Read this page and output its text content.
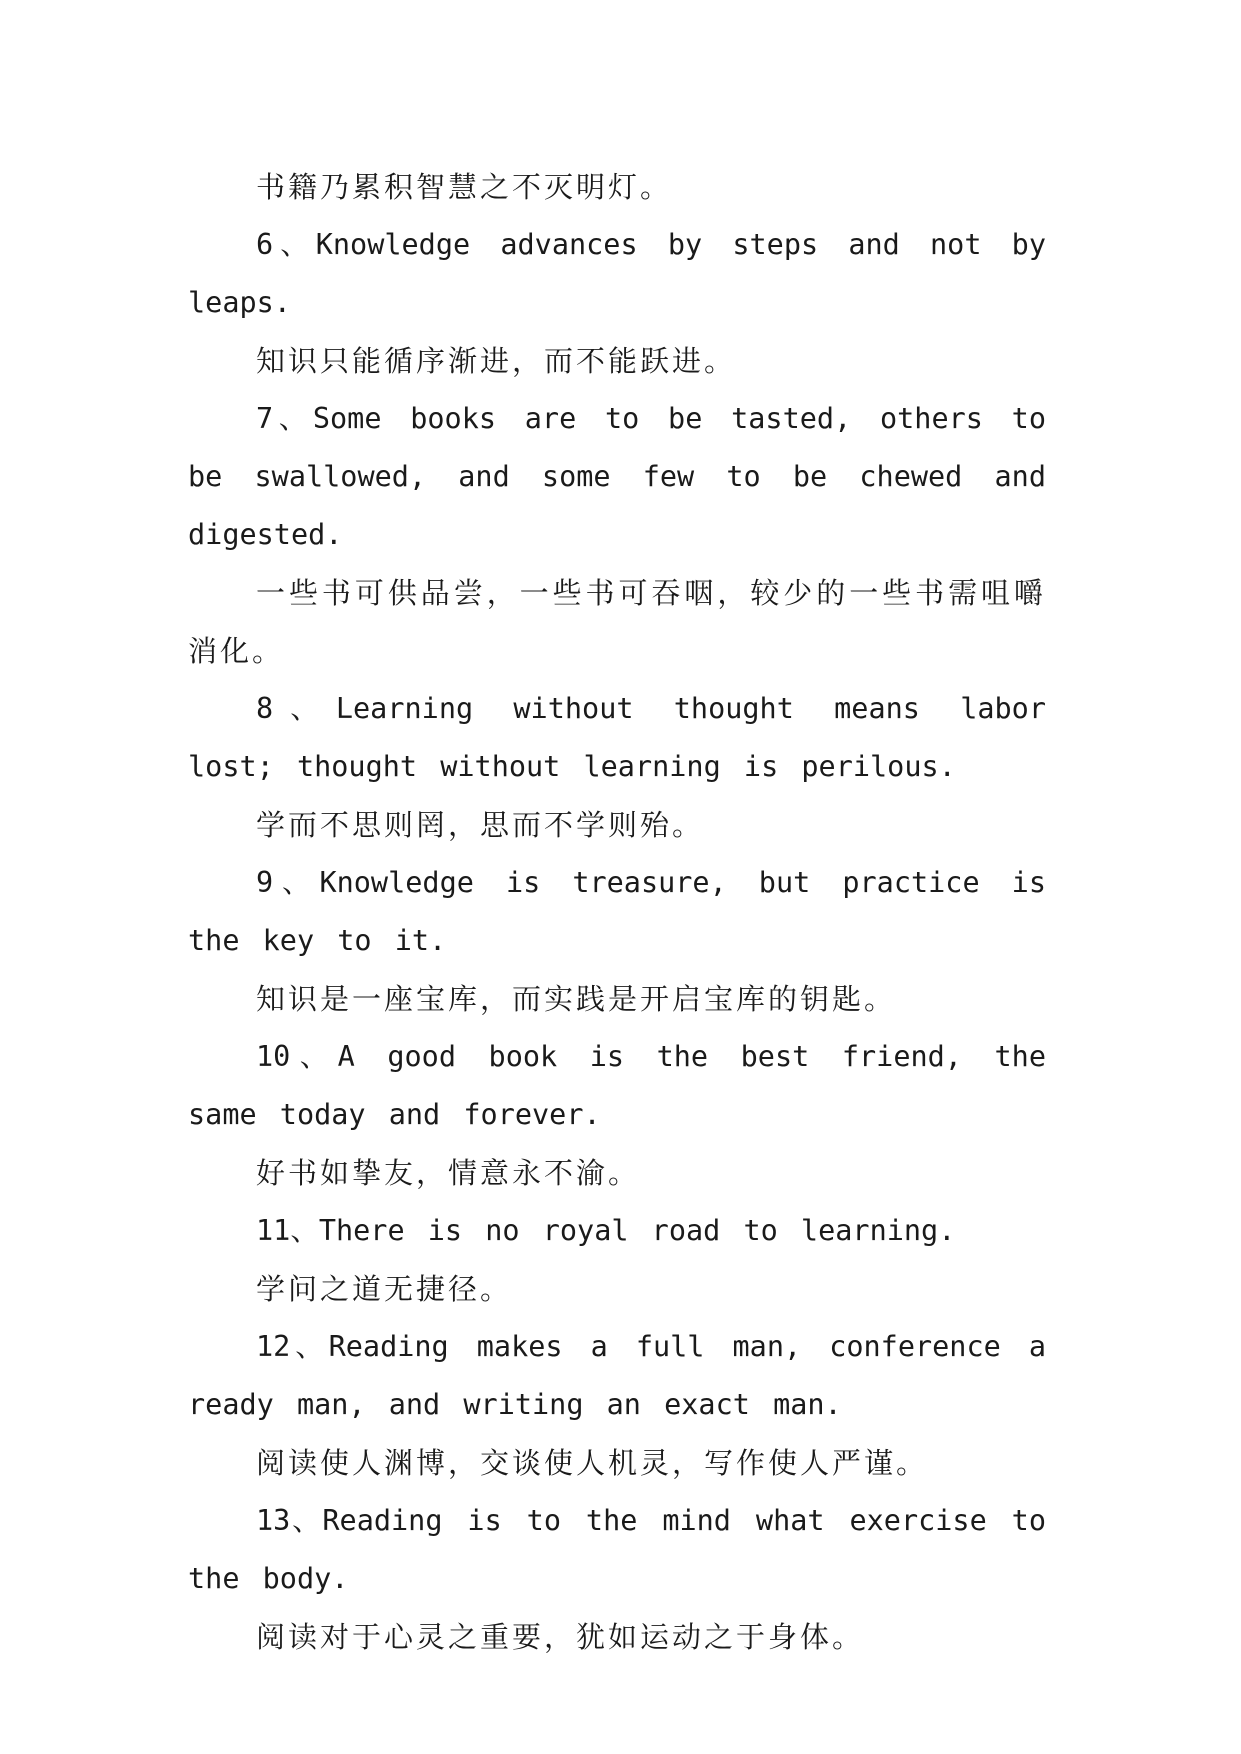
书籍乃累积智慧之不灭明灯。

6、Knowledge advances by steps and not by leaps.

知识只能循序渐进，而不能跃进。

7、Some books are to be tasted, others to be swallowed, and some few to be chewed and digested.

一些书可供品尝，一些书可吞咽，较少的一些书需咀嚼消化。

8、Learning without thought means labor lost; thought without learning is perilous.

学而不思则罔，思而不学则殆。

9、Knowledge is treasure, but practice is the key to it.

知识是一座宝库，而实践是开启宝库的钥匙。

10、A good book is the best friend, the same today and forever.

好书如挚友，情意永不渝。

11、There is no royal road to learning.

学问之道无捷径。

12、Reading makes a full man, conference a ready man, and writing an exact man.

阅读使人渊博，交谈使人机灵，写作使人严谨。

13、Reading is to the mind what exercise to the body.

阅读对于心灵之重要，犹如运动之于身体。
